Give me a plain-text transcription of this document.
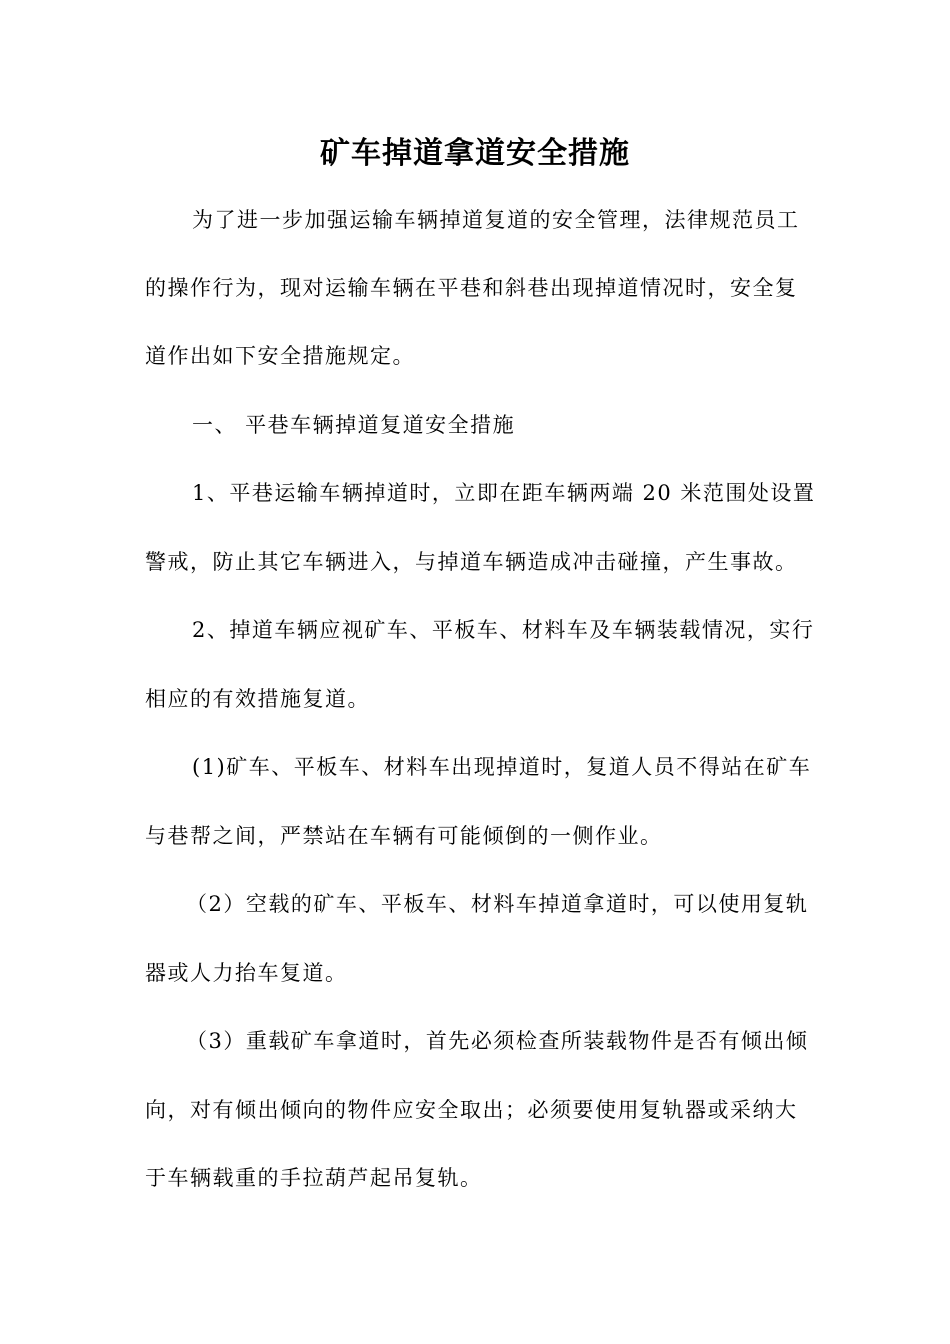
矿车掉道拿道安全措施

为了进一步加强运输车辆掉道复道的安全管理，法律规范员工

的操作行为，现对运输车辆在平巷和斜巷出现掉道情况时，安全复

道作出如下安全措施规定。

一、 平巷车辆掉道复道安全措施

1、平巷运输车辆掉道时，立即在距车辆两端 20 米范围处设置

警戒，防止其它车辆进入，与掉道车辆造成冲击碰撞，产生事故。

2、掉道车辆应视矿车、平板车、材料车及车辆装载情况，实行

相应的有效措施复道。

(1)矿车、平板车、材料车出现掉道时，复道人员不得站在矿车

与巷帮之间，严禁站在车辆有可能倾倒的一侧作业。

（2）空载的矿车、平板车、材料车掉道拿道时，可以使用复轨

器或人力抬车复道。

（3）重载矿车拿道时，首先必须检查所装载物件是否有倾出倾

向，对有倾出倾向的物件应安全取出；必须要使用复轨器或采纳大

于车辆载重的手拉葫芦起吊复轨。
